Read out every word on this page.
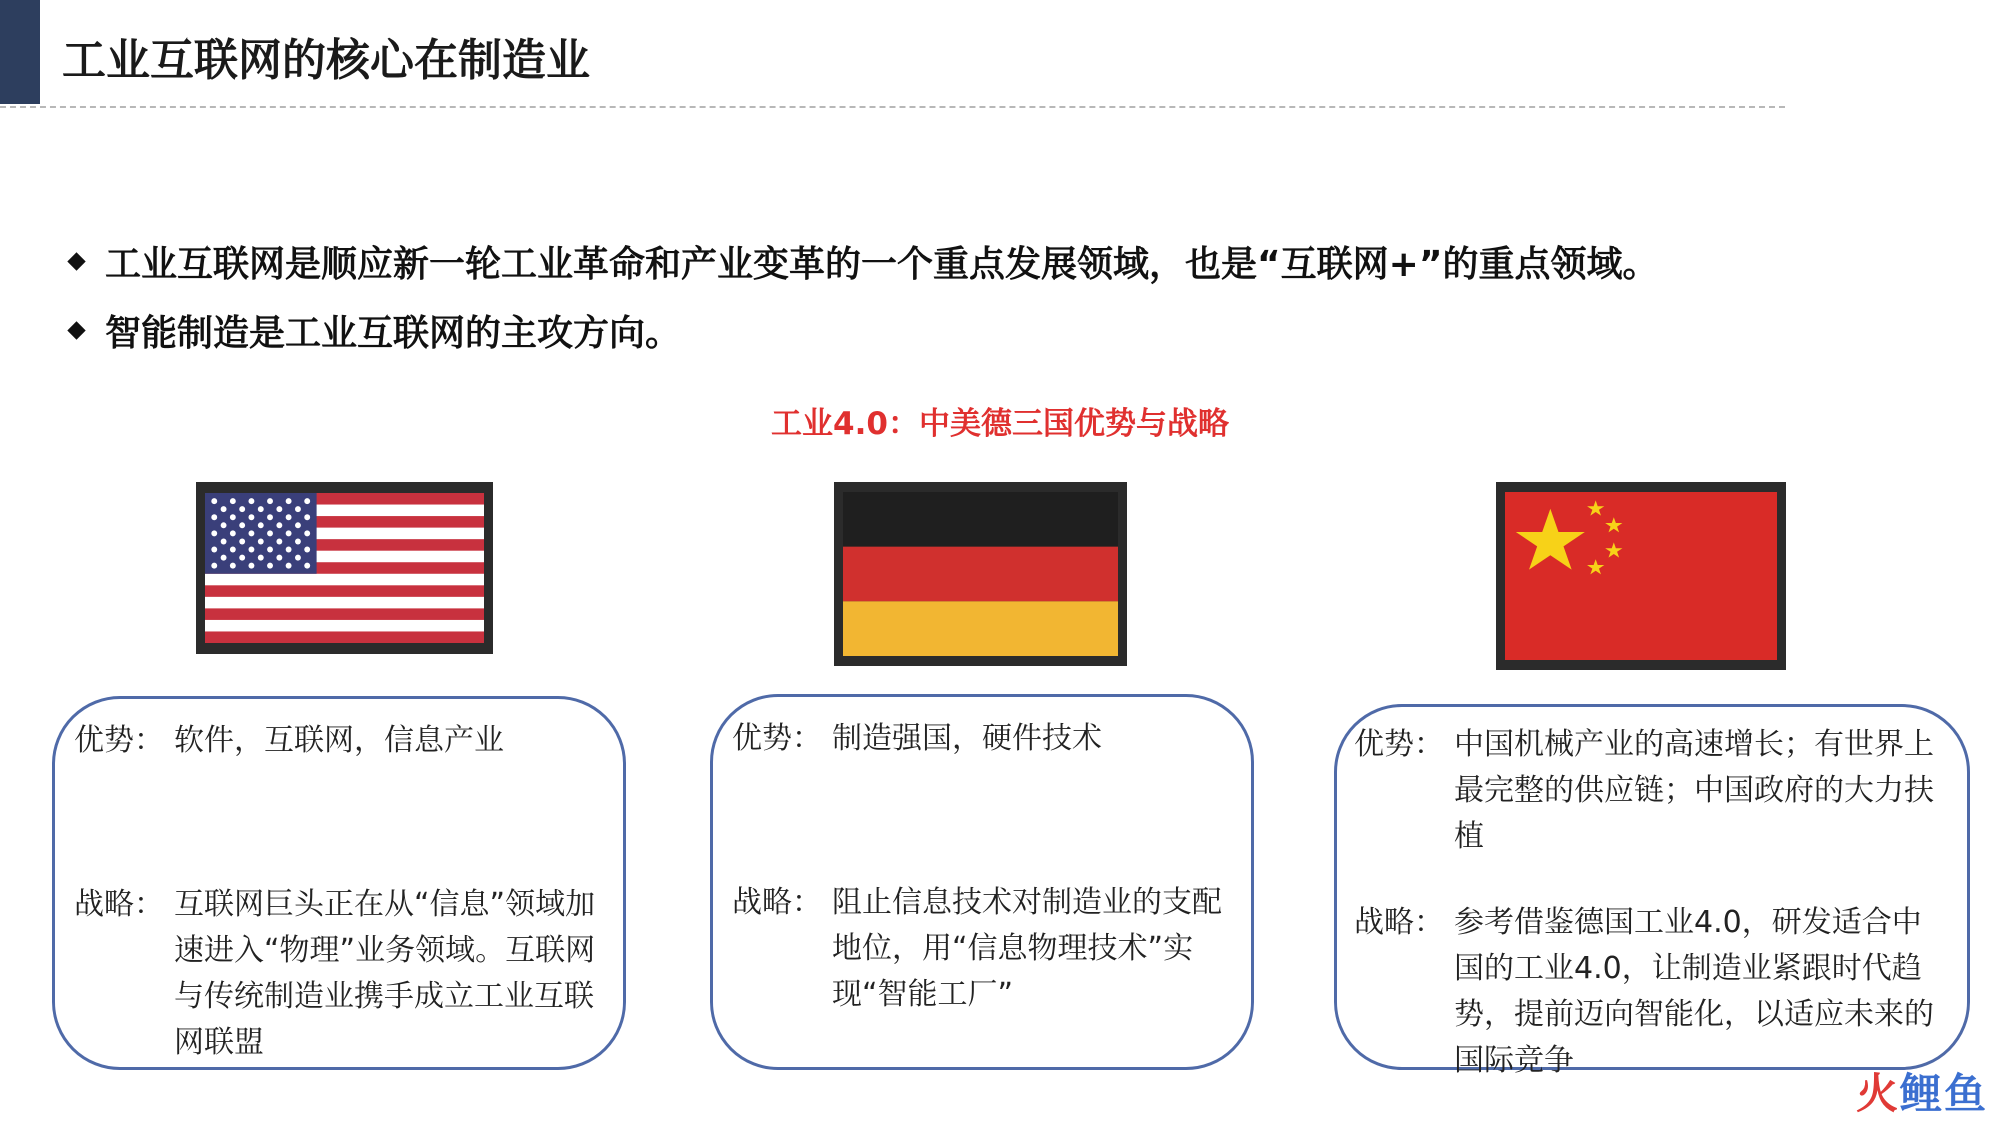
工业互联网的核心在制造业
工业互联网是顺应新一轮工业革命和产业变革的一个重点发展领域，也是“互联网+”的重点领域。
智能制造是工业互联网的主攻方向。
工业4.0：中美德三国优势与战略
优势： 软件，互联网，信息产业
战略： 互联网巨头正在从“信息”领域加速进入“物理”业务领域。互联网与传统制造业携手成立工业互联网联盟
优势： 制造强国，硬件技术
战略： 阻止信息技术对制造业的支配地位，用“信息物理技术”实现“智能工厂”
优势： 中国机械产业的高速增长；有世界上最完整的供应链；中国政府的大力扶植
战略： 参考借鉴德国工业4.0，研发适合中国的工业4.0，让制造业紧跟时代趋势，提前迈向智能化，以适应未来的国际竞争
火鲤鱼
